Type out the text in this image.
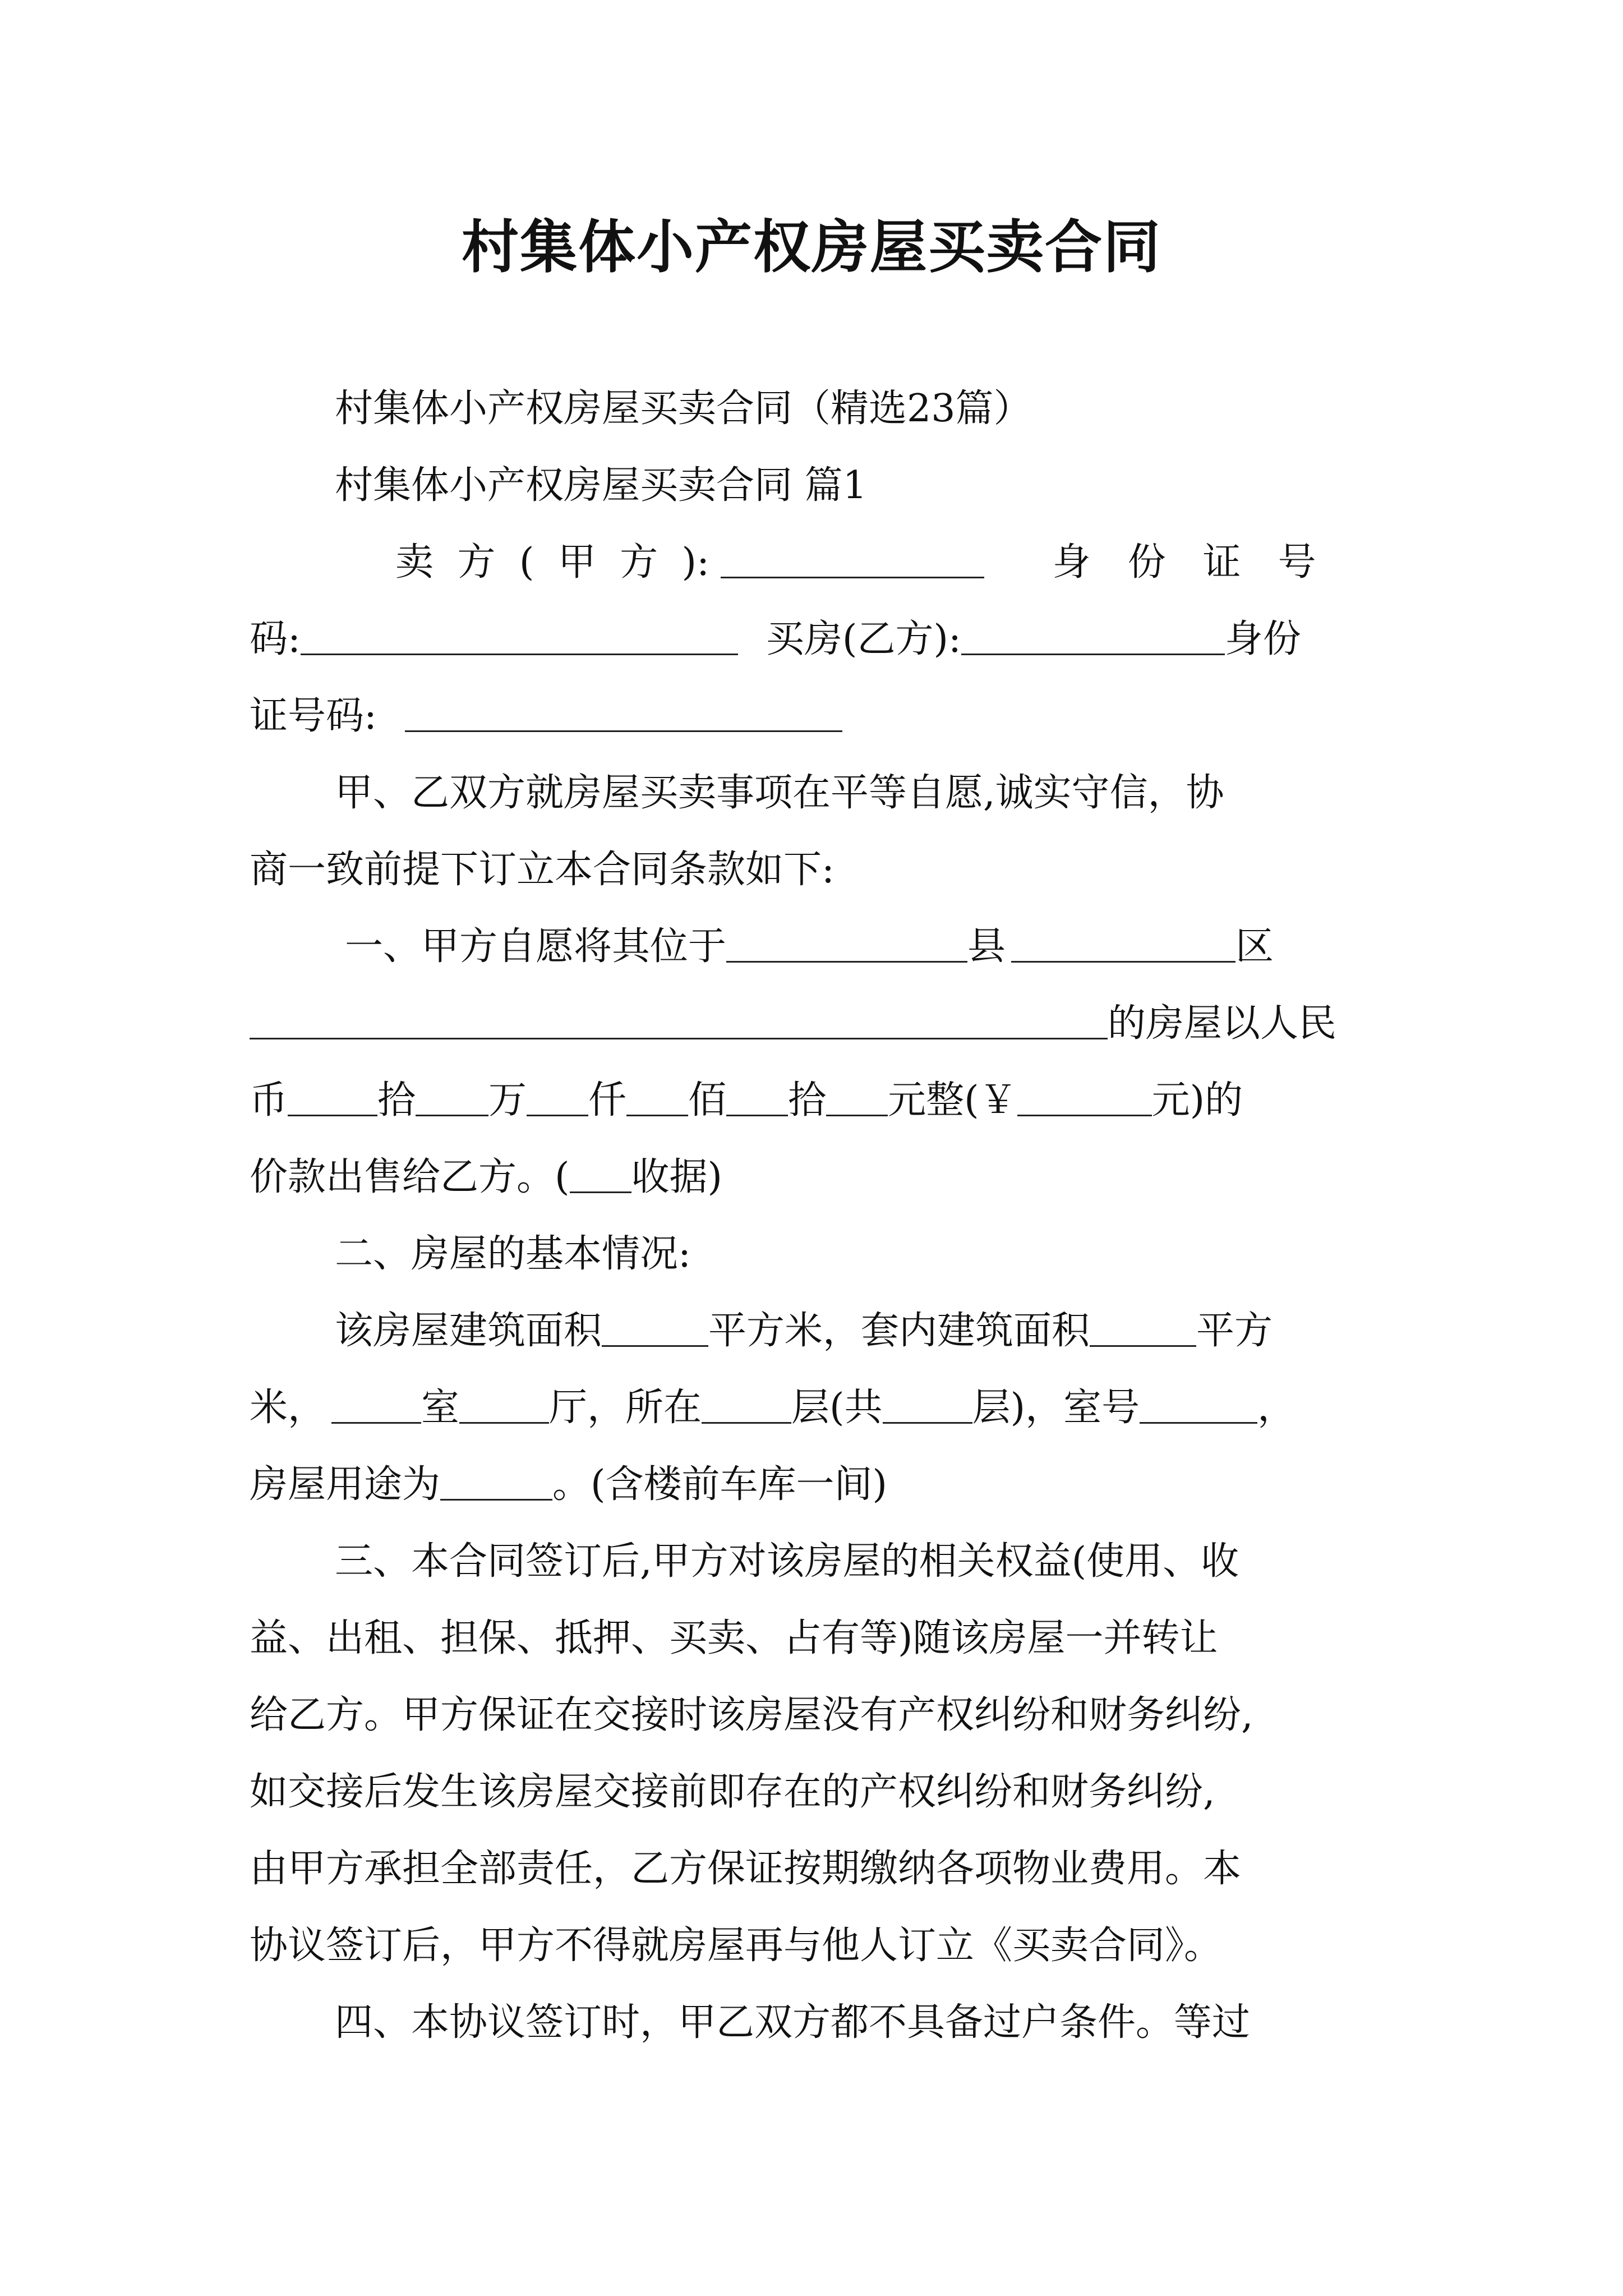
村集体小产权房屋买卖合同
村集体小产权房屋买卖合同（精选23篇）
村集体小产权房屋买卖合同 篇1
卖 方 ( 甲 方 ):
	身 份 证 号
码:	买房(乙方):	身份
证号码:
甲、乙双方就房屋买卖事项在平等自愿,诚实守信，协
商一致前提下订立本合同条款如下:
一、甲方自愿将其位于	县	区
的房屋以人民
币 拾 万 仟 佰 拾 元整(￥	元)的
价款出售给乙方。( 收据)
二、房屋的基本情况:
该房屋建筑面积	平方米，套内建筑面积	平方
米，	室 厅，所在 层(共 层)，室号	，
房屋用途为	。(含楼前车库一间)
三、本合同签订后,甲方对该房屋的相关权益(使用、收
益、出租、担保、抵押、买卖、占有等)随该房屋一并转让
给乙方。甲方保证在交接时该房屋没有产权纠纷和财务纠纷,
如交接后发生该房屋交接前即存在的产权纠纷和财务纠纷,
由甲方承担全部责任，乙方保证按期缴纳各项物业费用。本
协议签订后，甲方不得就房屋再与他人订立《买卖合同》。
四、本协议签订时，甲乙双方都不具备过户条件。等过
